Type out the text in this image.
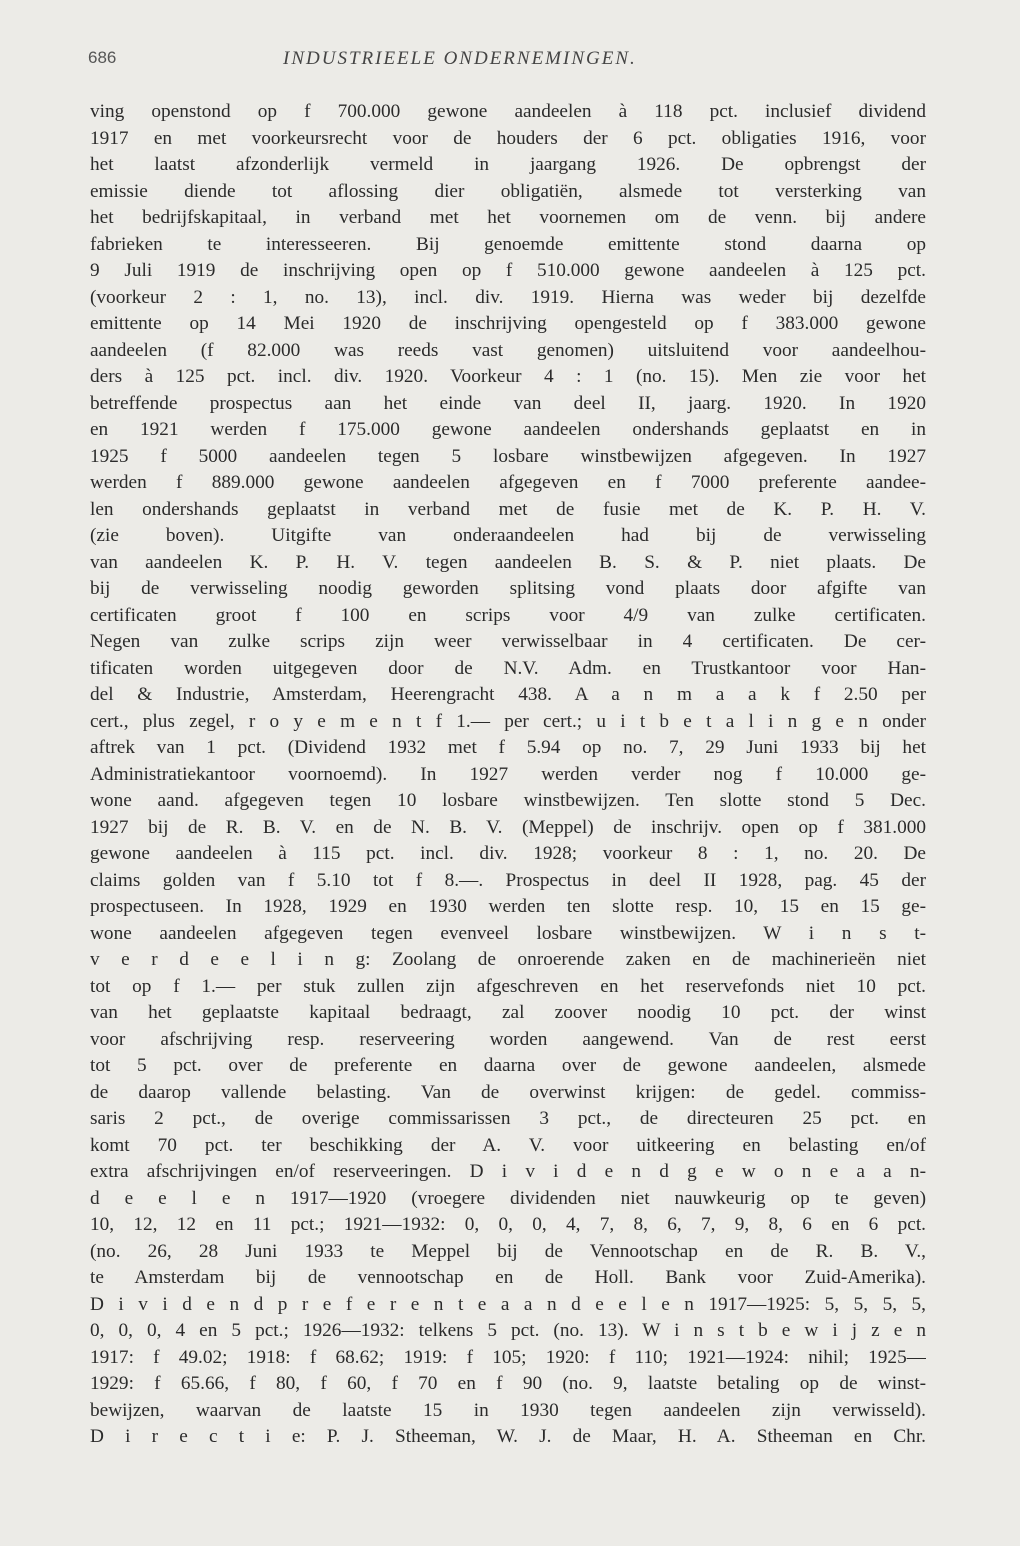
686	INDUSTRIEELE ONDERNEMINGEN.
ving openstond op f 700.000 gewone aandeelen à 118 pct. inclusief dividend
1917 en met voorkeursrecht voor de houders der 6 pct. obligaties 1916, voor
het laatst afzonderlijk vermeld in jaargang 1926. De opbrengst der
emissie diende tot aflossing dier obligatiën, alsmede tot versterking van
het bedrijfskapitaal, in verband met het voornemen om de venn. bij andere
fabrieken te interesseeren. Bij genoemde emittente stond daarna op
9 Juli 1919 de inschrijving open op f 510.000 gewone aandeelen à 125 pct.
(voorkeur 2 : 1, no. 13), incl. div. 1919. Hierna was weder bij dezelfde
emittente op 14 Mei 1920 de inschrijving opengesteld op f 383.000 gewone
aandeelen (f 82.000 was reeds vast genomen) uitsluitend voor aandeelhou-
ders à 125 pct. incl. div. 1920. Voorkeur 4 : 1 (no. 15). Men zie voor het
betreffende prospectus aan het einde van deel II, jaarg. 1920. In 1920
en 1921 werden f 175.000 gewone aandeelen ondershands geplaatst en in
1925 f 5000 aandeelen tegen 5 losbare winstbewijzen afgegeven. In 1927
werden f 889.000 gewone aandeelen afgegeven en f 7000 preferente aandee-
len ondershands geplaatst in verband met de fusie met de K. P. H. V.
(zie boven). Uitgifte van onderaandeelen had bij de verwisseling
van aandeelen K. P. H. V. tegen aandeelen B. S. & P. niet plaats. De
bij de verwisseling noodig geworden splitsing vond plaats door afgifte van
certificaten groot f 100 en scrips voor 4/9 van zulke certificaten.
Negen van zulke scrips zijn weer verwisselbaar in 4 certificaten. De cer-
tificaten worden uitgegeven door de N.V. Adm. en Trustkantoor voor Han-
del & Industrie, Amsterdam, Heerengracht 438. A a n m a a k f 2.50 per
cert., plus zegel, r o y e m e n t f 1.— per cert.; u i t b e t a l i n g e n onder
aftrek van 1 pct. (Dividend 1932 met f 5.94 op no. 7, 29 Juni 1933 bij het
Administratiekantoor voornoemd). In 1927 werden verder nog f 10.000 ge-
wone aand. afgegeven tegen 10 losbare winstbewijzen. Ten slotte stond 5 Dec.
1927 bij de R. B. V. en de N. B. V. (Meppel) de inschrijv. open op f 381.000
gewone aandeelen à 115 pct. incl. div. 1928; voorkeur 8 : 1, no. 20. De
claims golden van f 5.10 tot f 8.—. Prospectus in deel II 1928, pag. 45 der
prospectuseen. In 1928, 1929 en 1930 werden ten slotte resp. 10, 15 en 15 ge-
wone aandeelen afgegeven tegen evenveel losbare winstbewijzen. W i n s t-
v e r d e e l i n g: Zoolang de onroerende zaken en de machinerieën niet
tot op f 1.— per stuk zullen zijn afgeschreven en het reservefonds niet 10 pct.
van het geplaatste kapitaal bedraagt, zal zoover noodig 10 pct. der winst
voor afschrijving resp. reserveering worden aangewend. Van de rest eerst
tot 5 pct. over de preferente en daarna over de gewone aandeelen, alsmede
de daarop vallende belasting. Van de overwinst krijgen: de gedel. commiss-
saris 2 pct., de overige commissarissen 3 pct., de directeuren 25 pct. en
komt 70 pct. ter beschikking der A. V. voor uitkeering en belasting en/of
extra afschrijvingen en/of reserveeringen. D i v i d e n d g e w o n e a a n-
d e e l e n 1917—1920 (vroegere dividenden niet nauwkeurig op te geven)
10, 12, 12 en 11 pct.; 1921—1932: 0, 0, 0, 4, 7, 8, 6, 7, 9, 8, 6 en 6 pct.
(no. 26, 28 Juni 1933 te Meppel bij de Vennootschap en de R. B. V.,
te Amsterdam bij de vennootschap en de Holl. Bank voor Zuid-Amerika).
D i v i d e n d p r e f e r e n t e a a n d e e l e n 1917—1925: 5, 5, 5, 5,
0, 0, 0, 4 en 5 pct.; 1926—1932: telkens 5 pct. (no. 13). W i n s t b e w i j z e n
1917: f 49.02; 1918: f 68.62; 1919: f 105; 1920: f 110; 1921—1924: nihil; 1925—
1929: f 65.66, f 80, f 60, f 70 en f 90 (no. 9, laatste betaling op de winst-
bewijzen, waarvan de laatste 15 in 1930 tegen aandeelen zijn verwisseld).
D i r e c t i e: P. J. Stheeman, W. J. de Maar, H. A. Stheeman en Chr.
